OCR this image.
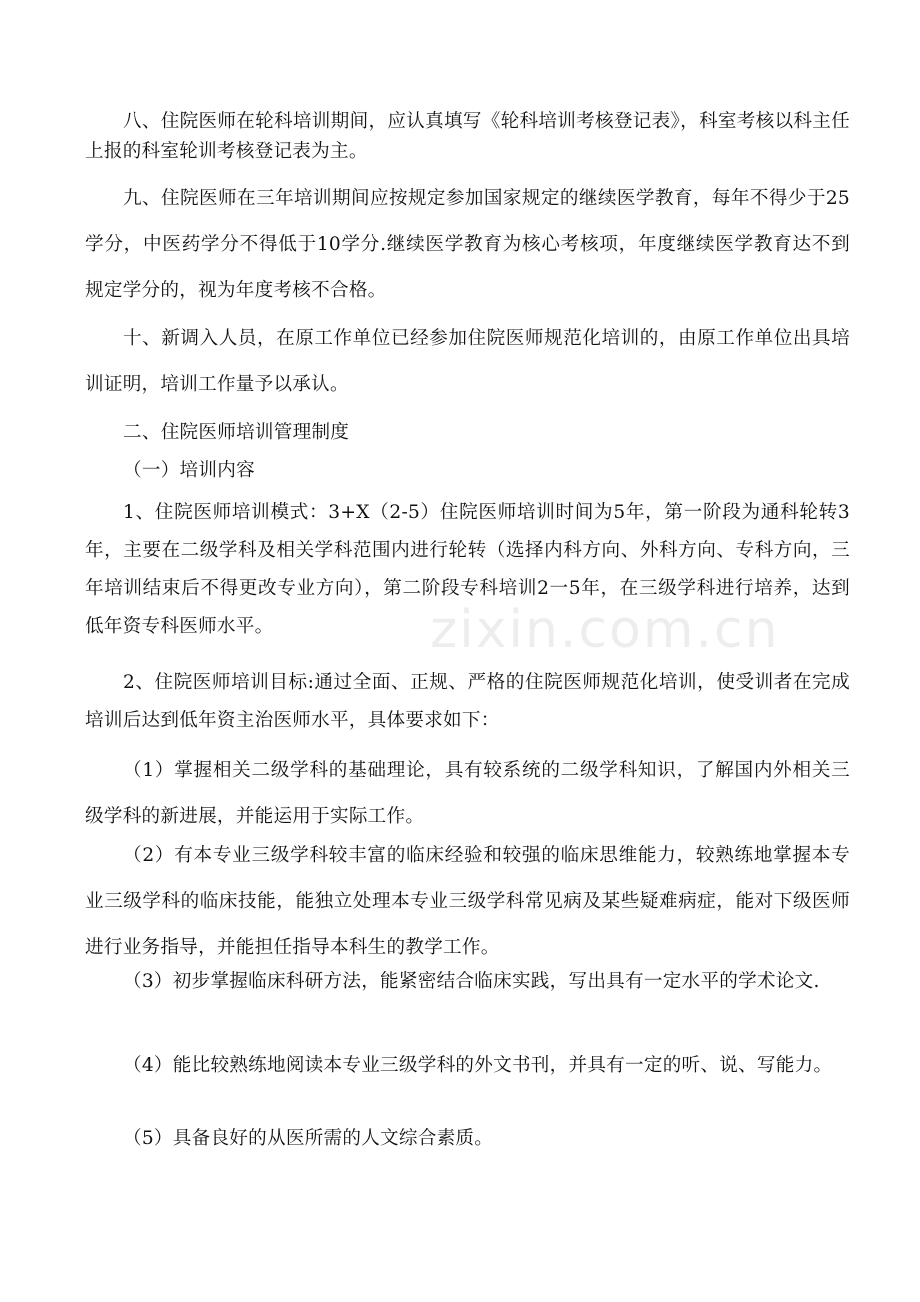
八、住院医师在轮科培训期间，应认真填写《轮科培训考核登记表》，科室考核以科主任上报的科室轮训考核登记表为主。

九、住院医师在三年培训期间应按规定参加国家规定的继续医学教育，每年不得少于25学分，中医药学分不得低于10学分.继续医学教育为核心考核项，年度继续医学教育达不到规定学分的，视为年度考核不合格。

十、新调入人员，在原工作单位已经参加住院医师规范化培训的，由原工作单位出具培训证明，培训工作量予以承认。

二、住院医师培训管理制度

（一）培训内容

1、住院医师培训模式：3+X（2-5）住院医师培训时间为5年，第一阶段为通科轮转3年，主要在二级学科及相关学科范围内进行轮转（选择内科方向、外科方向、专科方向，三年培训结束后不得更改专业方向），第二阶段专科培训2一5年，在三级学科进行培养，达到低年资专科医师水平。

2、住院医师培训目标:通过全面、正规、严格的住院医师规范化培训，使受训者在完成培训后达到低年资主治医师水平，具体要求如下：

（1）掌握相关二级学科的基础理论，具有较系统的二级学科知识，了解国内外相关三级学科的新进展，并能运用于实际工作。

（2）有本专业三级学科较丰富的临床经验和较强的临床思维能力，较熟练地掌握本专业三级学科的临床技能，能独立处理本专业三级学科常见病及某些疑难病症，能对下级医师进行业务指导，并能担任指导本科生的教学工作。

（3）初步掌握临床科研方法，能紧密结合临床实践，写出具有一定水平的学术论文.

（4）能比较熟练地阅读本专业三级学科的外文书刊，并具有一定的听、说、写能力。

（5）具备良好的从医所需的人文综合素质。

zixin.com.cn
